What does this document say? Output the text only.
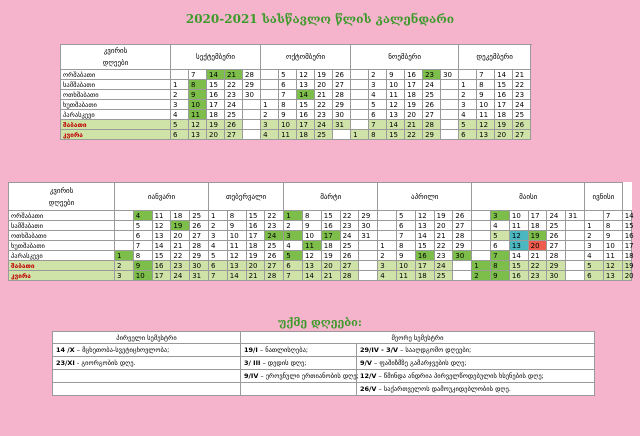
2020-2021 სასწავლო წლის კალენდარი
კვირის
დღეები	სექტემბერი					ოქტომბერი					ნოემბერი						დეკემბერი				
ორშაბათი		7	14	21	28		5	12	19	26		2	9	16	23	30		7	14	21	
სამშაბათი	1	8	15	22	29		6	13	20	27		3	10	17	24		1	8	15	22	
ოთხშაბათი	2	9	16	23	30		7	14	21	28		4	11	18	25		2	9	16	23	
ხუთშაბათი	3	10	17	24		1	8	15	22	29		5	12	19	26		3	10	17	24	
პარასკევი	4	11	18	25		2	9	16	23	30		6	13	20	27		4	11	18	25	
შაბათი	5	12	19	26		3	10	17	24	31		7	14	21	28		5	12	19	26	
კვირა	6	13	20	27		4	11	18	25		1	8	15	22	29		6	13	20	27	
კვირის
დღეები	იანვარი					თებერვალი				მარტი					აპრილი					მაისი						ივნისი		
ორშაბათი		4	11	18	25	1	8	15	22	1	8	15	22	29		5	12	19	26		3	10	17	24	31		7	14
სამშაბათი		5	12	19	26	2	9	16	23	2	9	16	23	30		6	13	20	27		4	11	18	25		1	8	15
ოთხშაბათი		6	13	20	27	3	10	17	24	3	10	17	24	31		7	14	21	28		5	12	19	26		2	9	16
ხუთშაბათი		7	14	21	28	4	11	18	25	4	11	18	25		1	8	15	22	29		6	13	20	27		3	10	17
პარასკევი	1	8	15	22	29	5	12	19	26	5	12	19	26		2	9	16	23	30		7	14	21	28		4	11	18
შაბათი	2	9	16	23	30	6	13	20	27	6	13	20	27		3	10	17	24		1	8	15	22	29		5	12	19
კვირა	3	10	17	24	31	7	14	21	28	7	14	21	28		4	11	18	25		2	9	16	23	30		6	13	20
უქმე დღეები:
პირველი სემესტრი	მეორე სემესტრი	
14 /X – მცხეთობა-სვეტიცხოვლობა;	19/I – ნათლისღება;	29/IV - 3/V – სააღდგომო დღეები;
23/XI - გიორგობის დღე.	3/ III – დედის დღე;	9/V – ფაშიზმზე გამარჯვების დღე;
	9/IV – ეროვნული ერთიანობის დღე;	12/V – წმინდა ანდრია პირველწოდებულის ხსენების დღე;
		26/V – საქართველოს დამოუკიდებლობის დღე.
